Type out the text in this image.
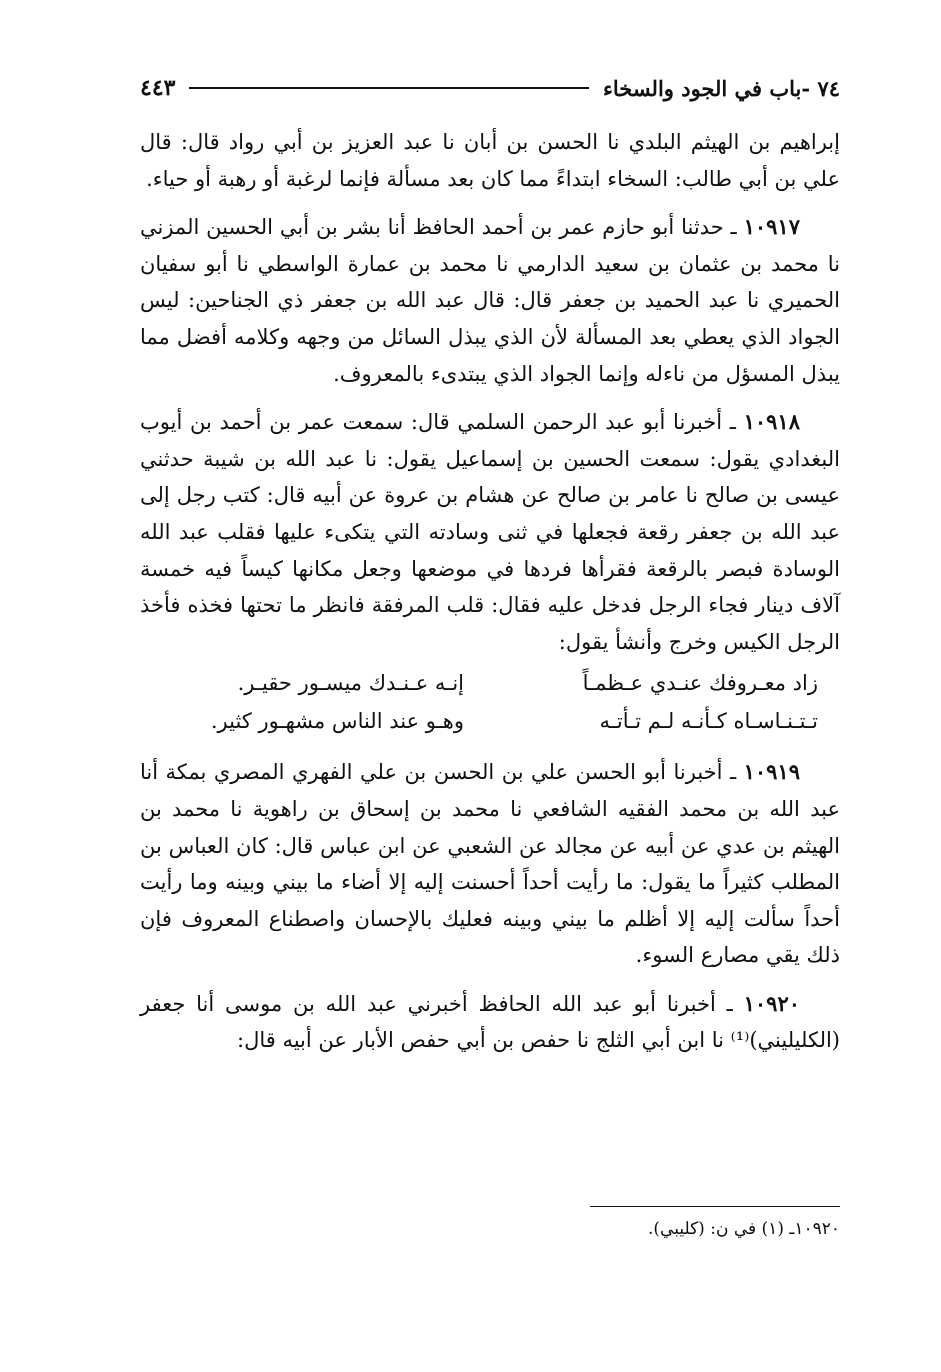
٧٤ -باب في الجود والسخاء
٤٤٣

إبراهيم بن الهيثم البلدي نا الحسن بن أبان نا عبد العزيز بن أبي رواد قال: قال علي بن أبي طالب: السخاء ابتداءً مما كان بعد مسألة فإنما لرغبة أو رهبة أو حياء.

١٠٩١٧ ـ حدثنا أبو حازم عمر بن أحمد الحافظ أنا بشر بن أبي الحسين المزني نا محمد بن عثمان بن سعيد الدارمي نا محمد بن عمارة الواسطي نا أبو سفيان الحميري نا عبد الحميد بن جعفر قال: قال عبد الله بن جعفر ذي الجناحين: ليس الجواد الذي يعطي بعد المسألة لأن الذي يبذل السائل من وجهه وكلامه أفضل مما يبذل المسؤل من ناءله وإنما الجواد الذي يبتدىء بالمعروف.

١٠٩١٨ ـ أخبرنا أبو عبد الرحمن السلمي قال: سمعت عمر بن أحمد بن أيوب البغدادي يقول: سمعت الحسين بن إسماعيل يقول: نا عبد الله بن شيبة حدثني عيسى بن صالح نا عامر بن صالح عن هشام بن عروة عن أبيه قال: كتب رجل إلى عبد الله بن جعفر رقعة فجعلها في ثنى وسادته التي يتكىء عليها فقلب عبد الله الوسادة فبصر بالرقعة فقرأها فردها في موضعها وجعل مكانها كيساً فيه خمسة آلاف دينار فجاء الرجل فدخل عليه فقال: قلب المرفقة فانظر ما تحتها فخذه فأخذ الرجل الكيس وخرج وأنشأ يقول:

زاد معـروفك عنـدي عـظمـاً
إنـه عـنـدك ميسـور حقيـر.
تـتـنـاسـاه كـأنـه لـم تـأتـه
وهـو عند الناس مشهـور كثير.

١٠٩١٩ ـ أخبرنا أبو الحسن علي بن الحسن بن علي الفهري المصري بمكة أنا عبد الله بن محمد الفقيه الشافعي نا محمد بن إسحاق بن راهوية نا محمد بن الهيثم بن عدي عن أبيه عن مجالد عن الشعبي عن ابن عباس قال: كان العباس بن المطلب كثيراً ما يقول: ما رأيت أحداً أحسنت إليه إلا أضاء ما بيني وبينه وما رأيت أحداً سألت إليه إلا أظلم ما بيني وبينه فعليك بالإحسان واصطناع المعروف فإن ذلك يقي مصارع السوء.

١٠٩٢٠ ـ أخبرنا أبو عبد الله الحافظ أخبرني عبد الله بن موسى أنا جعفر (الكليليني)⁽¹⁾ نا ابن أبي الثلج نا حفص بن أبي حفص الأبار عن أبيه قال:

١٠٩٢٠ـ (١) في ن: (كليبي).
